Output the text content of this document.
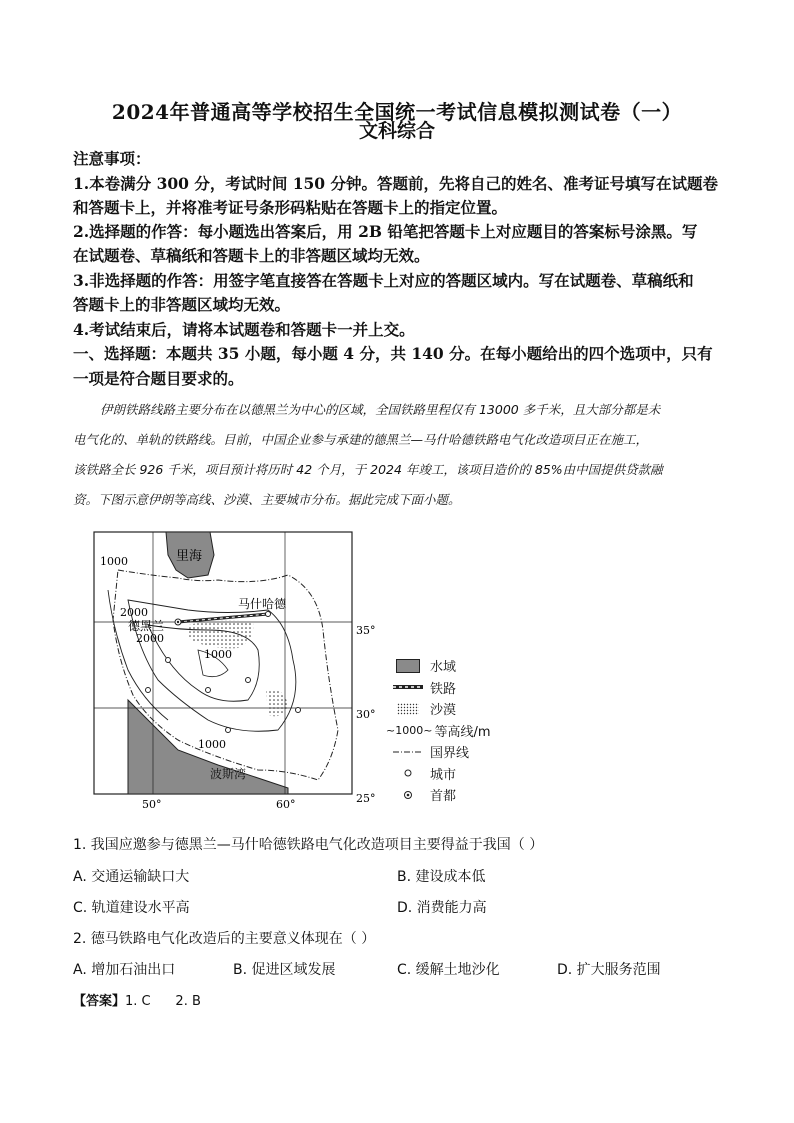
2024年普通高等学校招生全国统一考试信息模拟测试卷（一）
文科综合
注意事项：
1.本卷满分 300 分，考试时间 150 分钟。答题前，先将自己的姓名、准考证号填写在试题卷
和答题卡上，并将准考证号条形码粘贴在答题卡上的指定位置。
2.选择题的作答：每小题选出答案后，用 2B 铅笔把答题卡上对应题目的答案标号涂黑。写
在试题卷、草稿纸和答题卡上的非答题区域均无效。
3.非选择题的作答：用签字笔直接答在答题卡上对应的答题区域内。写在试题卷、草稿纸和
答题卡上的非答题区域均无效。
4.考试结束后，请将本试题卷和答题卡一并上交。
一、选择题：本题共 35 小题，每小题 4 分，共 140 分。在每小题给出的四个选项中，只有
一项是符合题目要求的。
伊朗铁路线路主要分布在以德黑兰为中心的区域，全国铁路里程仅有 13000 多千米，且大部分都是未
电气化的、单轨的铁路线。目前，中国企业参与承建的德黑兰—马什哈德铁路电气化改造项目正在施工，
该铁路全长 926 千米，项目预计将历时 42 个月，于 2024 年竣工，该项目造价的 85%由中国提供贷款融
资。下图示意伊朗等高线、沙漠、主要城市分布。据此完成下面小题。
里海
马什哈德
德黑兰
波斯湾
1000
2000
2000
1000
1000
35°
30°
25°
50°	60°
水域
铁路
沙漠
~1000~ 等高线/m
国界线
城市
首都
1. 我国应邀参与德黑兰—马什哈德铁路电气化改造项目主要得益于我国（ ）
A. 交通运输缺口大	B. 建设成本低
C. 轨道建设水平高	D. 消费能力高
2. 德马铁路电气化改造后的主要意义体现在（ ）
A. 增加石油出口	B. 促进区域发展	C. 缓解土地沙化	D. 扩大服务范围
【答案】1. C      2. B
